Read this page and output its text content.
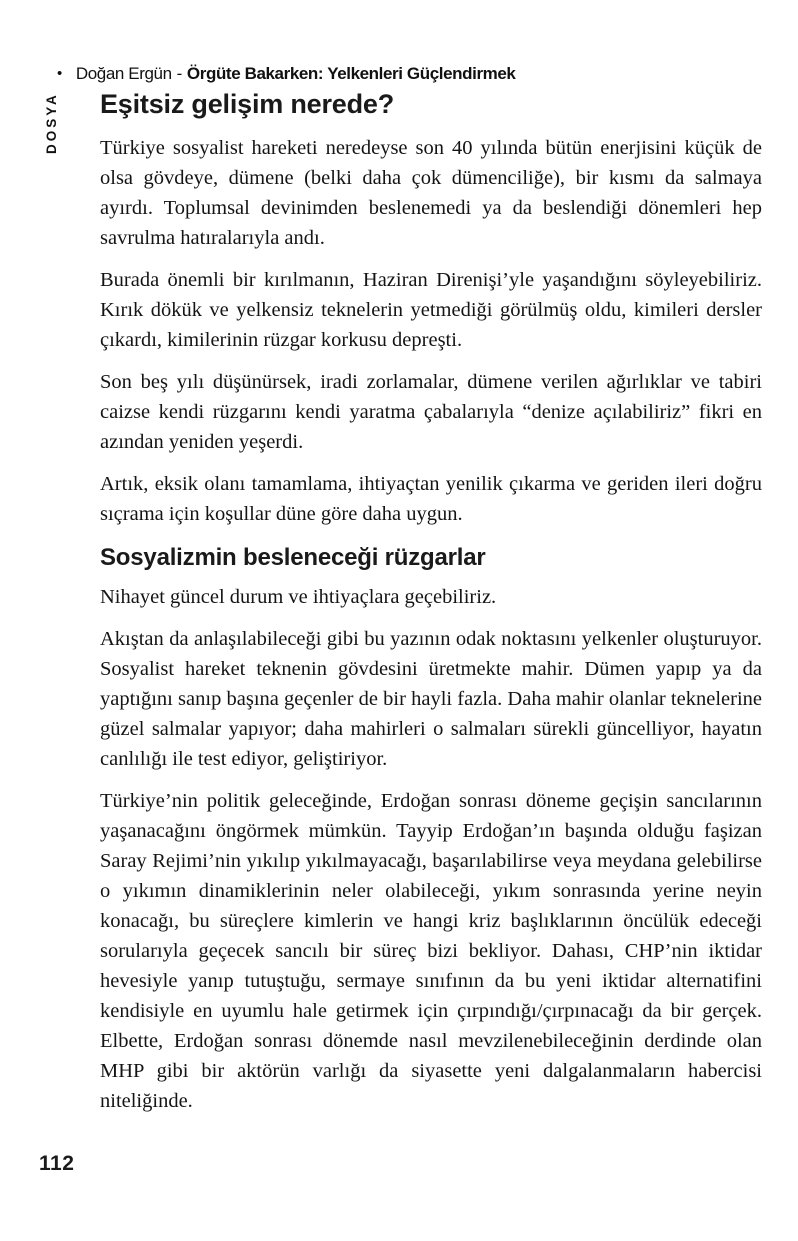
• Doğan Ergün - Örgüte Bakarken: Yelkenleri Güçlendirmek
DOSYA Eşitsiz gelişim nerede?

Türkiye sosyalist hareketi neredeyse son 40 yılında bütün enerjisini küçük de olsa gövdeye, dümene (belki daha çok dümenciliğe), bir kısmı da salmaya ayırdı. Toplumsal devinimden beslenemedi ya da beslendiği dönemleri hep savrulma hatıralarıyla andı.

Burada önemli bir kırılmanın, Haziran Direnişi’yle yaşandığını söyleyebiliriz. Kırık dökük ve yelkensiz teknelerin yetmediği görülmüş oldu, kimileri dersler çıkardı, kimilerinin rüzgar korkusu depreşti.

Son beş yılı düşünürsek, iradi zorlamalar, dümene verilen ağırlıklar ve tabiri caizse kendi rüzgarını kendi yaratma çabalarıyla “denize açılabiliriz” fikri en azından yeniden yeşerdi.

Artık, eksik olanı tamamlama, ihtiyaçtan yenilik çıkarma ve geriden ileri doğru sıçrama için koşullar düne göre daha uygun.

Sosyalizmin besleneceği rüzgarlar

Nihayet güncel durum ve ihtiyaçlara geçebiliriz.

Akıştan da anlaşılabileceği gibi bu yazının odak noktasını yelkenler oluşturuyor. Sosyalist hareket teknenin gövdesini üretmekte mahir. Dümen yapıp ya da yaptığını sanıp başına geçenler de bir hayli fazla. Daha mahir olanlar teknelerine güzel salmalar yapıyor; daha mahirleri o salmaları sürekli güncelliyor, hayatın canlılığı ile test ediyor, geliştiriyor.

Türkiye’nin politik geleceğinde, Erdoğan sonrası döneme geçişin sancılarının yaşanacağını öngörmek mümkün. Tayyip Erdoğan’ın başında olduğu faşizan Saray Rejimi’nin yıkılıp yıkılmayacağı, başarılabilirse veya meydana gelebilirse o yıkımın dinamiklerinin neler olabileceği, yıkım sonrasında yerine neyin konacağı, bu süreçlere kimlerin ve hangi kriz başlıklarının öncülük edeceği sorularıyla geçecek sancılı bir süreç bizi bekliyor. Dahası, CHP’nin iktidar hevesiyle yanıp tutuştuğu, sermaye sınıfının da bu yeni iktidar alternatifini kendisiyle en uyumlu hale getirmek için çırpındığı/çırpınacağı da bir gerçek. Elbette, Erdoğan sonrası dönemde nasıl mevzilenebileceğinin derdinde olan MHP gibi bir aktörün varlığı da siyasette yeni dalgalanmaların habercisi niteliğinde.

112
